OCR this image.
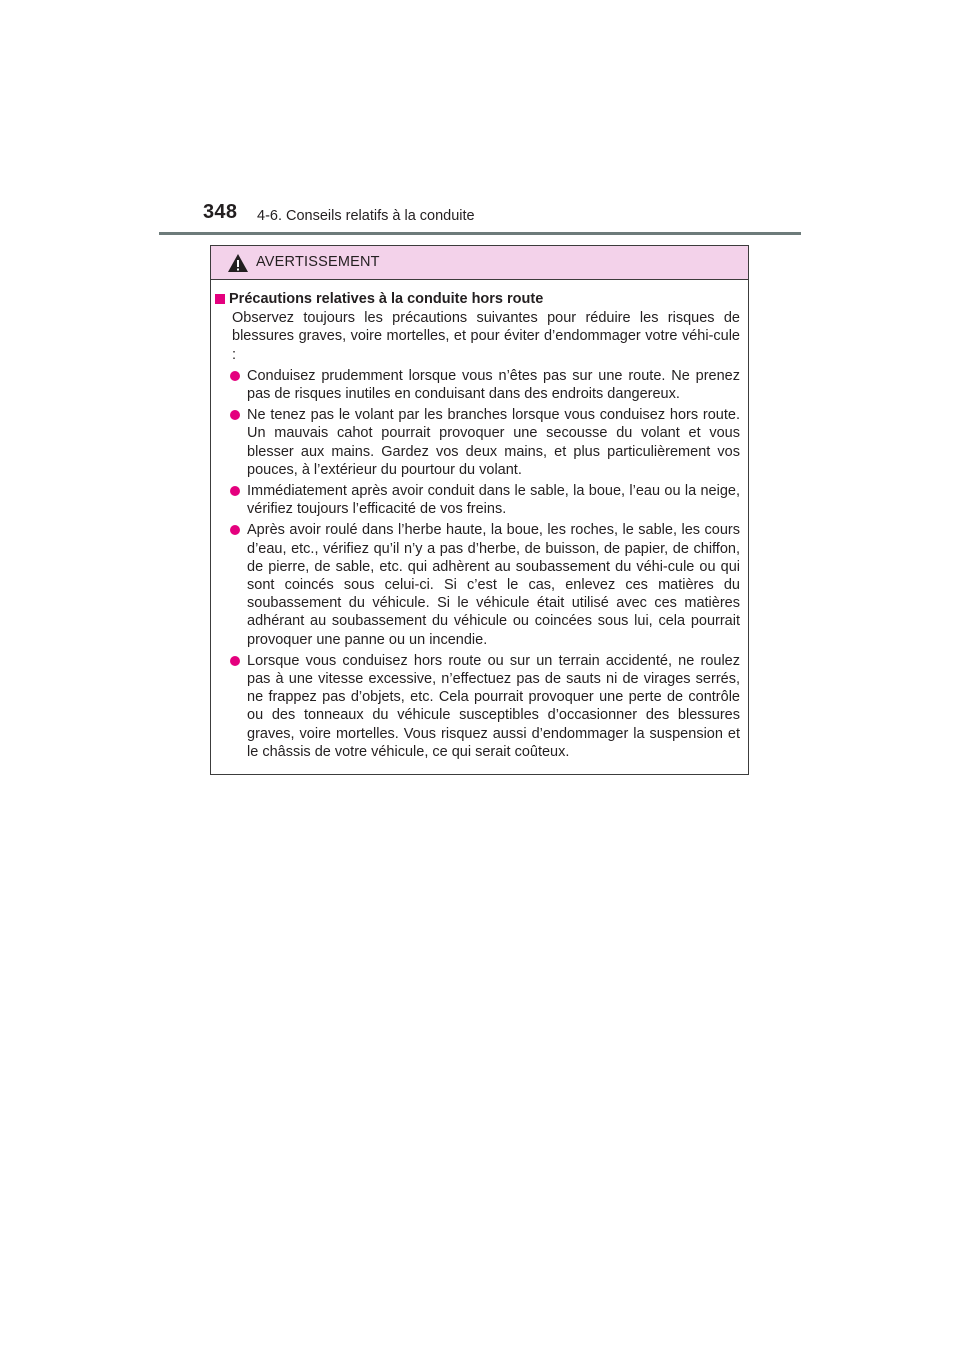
348 4-6. Conseils relatifs à la conduite
AVERTISSEMENT
Précautions relatives à la conduite hors route
Observez toujours les précautions suivantes pour réduire les risques de blessures graves, voire mortelles, et pour éviter d’endommager votre véhi-cule :
Conduisez prudemment lorsque vous n’êtes pas sur une route. Ne prenez pas de risques inutiles en conduisant dans des endroits dangereux.
Ne tenez pas le volant par les branches lorsque vous conduisez hors route. Un mauvais cahot pourrait provoquer une secousse du volant et vous blesser aux mains. Gardez vos deux mains, et plus particulièrement vos pouces, à l’extérieur du pourtour du volant.
Immédiatement après avoir conduit dans le sable, la boue, l’eau ou la neige, vérifiez toujours l’efficacité de vos freins.
Après avoir roulé dans l’herbe haute, la boue, les roches, le sable, les cours d’eau, etc., vérifiez qu’il n’y a pas d’herbe, de buisson, de papier, de chiffon, de pierre, de sable, etc. qui adhèrent au soubassement du véhi-cule ou qui sont coincés sous celui-ci. Si c’est le cas, enlevez ces matières du soubassement du véhicule. Si le véhicule était utilisé avec ces matières adhérant au soubassement du véhicule ou coincées sous lui, cela pourrait provoquer une panne ou un incendie.
Lorsque vous conduisez hors route ou sur un terrain accidenté, ne roulez pas à une vitesse excessive, n’effectuez pas de sauts ni de virages serrés, ne frappez pas d’objets, etc. Cela pourrait provoquer une perte de contrôle ou des tonneaux du véhicule susceptibles d’occasionner des blessures graves, voire mortelles. Vous risquez aussi d’endommager la suspension et le châssis de votre véhicule, ce qui serait coûteux.
